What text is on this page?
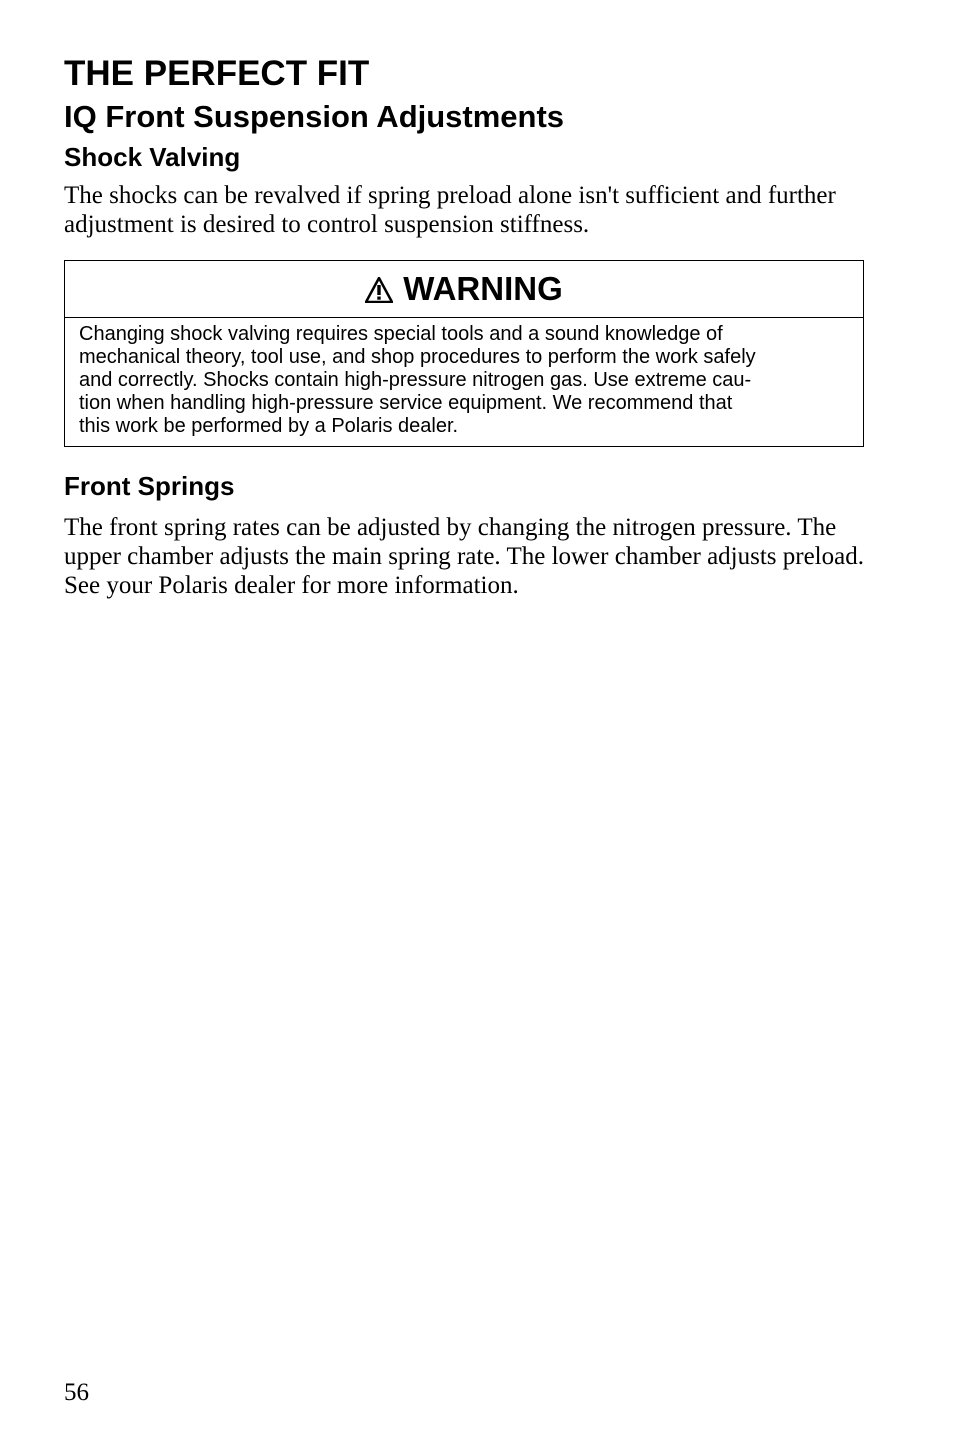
THE PERFECT FIT
IQ Front Suspension Adjustments
Shock Valving

The shocks can be revalved if spring preload alone isn't sufficient and further adjustment is desired to control suspension stiffness.

WARNING
Changing shock valving requires special tools and a sound knowledge of
mechanical theory, tool use, and shop procedures to perform the work safely
and correctly. Shocks contain high-pressure nitrogen gas. Use extreme cau-
tion when handling high-pressure service equipment. We recommend that
this work be performed by a Polaris dealer.
Front Springs

The front spring rates can be adjusted by changing the nitrogen pressure. The upper chamber adjusts the main spring rate. The lower chamber adjusts preload. See your Polaris dealer for more information.

56
